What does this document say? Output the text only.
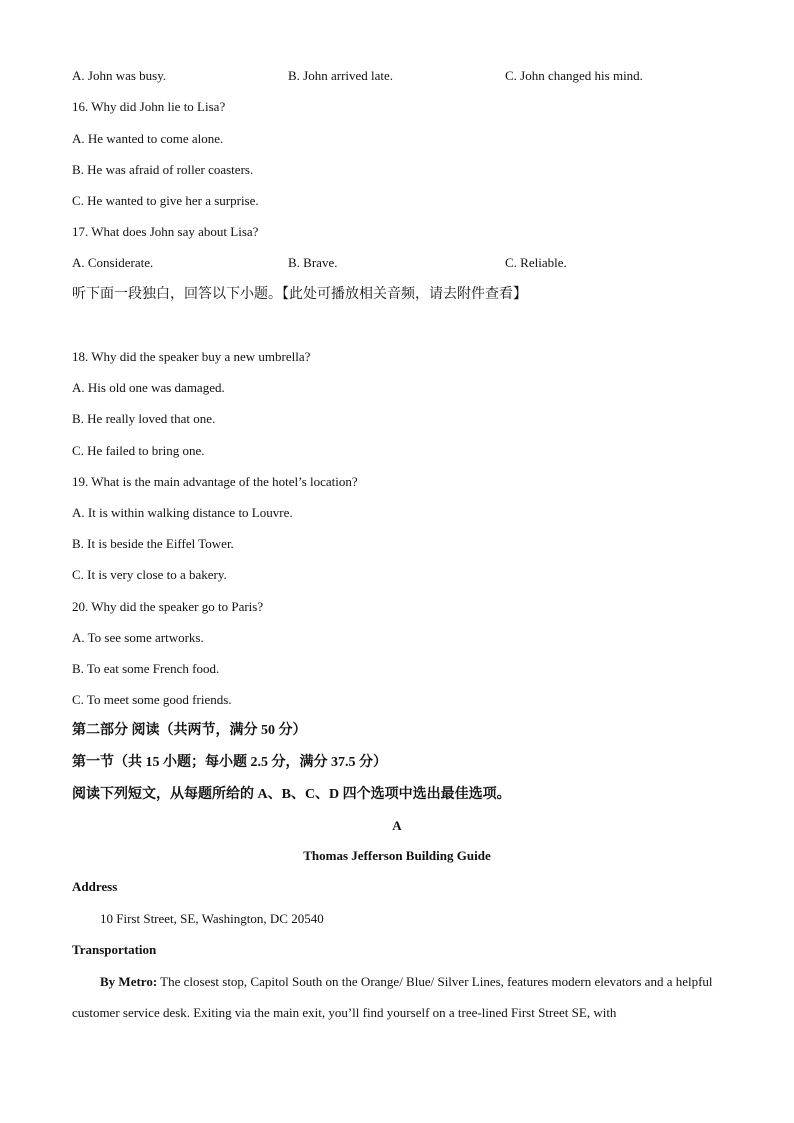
A. John was busy.	B. John arrived late.	C. John changed his mind.
16. Why did John lie to Lisa?
A. He wanted to come alone.
B. He was afraid of roller coasters.
C. He wanted to give her a surprise.
17. What does John say about Lisa?
A. Considerate.	B. Brave.	C. Reliable.
听下面一段独白，回答以下小题。【此处可播放相关音频，请去附件查看】
18. Why did the speaker buy a new umbrella?
A. His old one was damaged.
B. He really loved that one.
C. He failed to bring one.
19. What is the main advantage of the hotel’s location?
A. It is within walking distance to Louvre.
B. It is beside the Eiffel Tower.
C. It is very close to a bakery.
20. Why did the speaker go to Paris?
A. To see some artworks.
B. To eat some French food.
C. To meet some good friends.
第二部分 阅读（共两节，满分 50 分）
第一节（共 15 小题；每小题 2.5 分，满分 37.5 分）
阅读下列短文，从每题所给的 A、B、C、D 四个选项中选出最佳选项。
A
Thomas Jefferson Building Guide
Address
10 First Street, SE, Washington, DC 20540
Transportation
By Metro: The closest stop, Capitol South on the Orange/ Blue/ Silver Lines, features modern elevators and a helpful customer service desk. Exiting via the main exit, you’ll find yourself on a tree-lined First Street SE, with
